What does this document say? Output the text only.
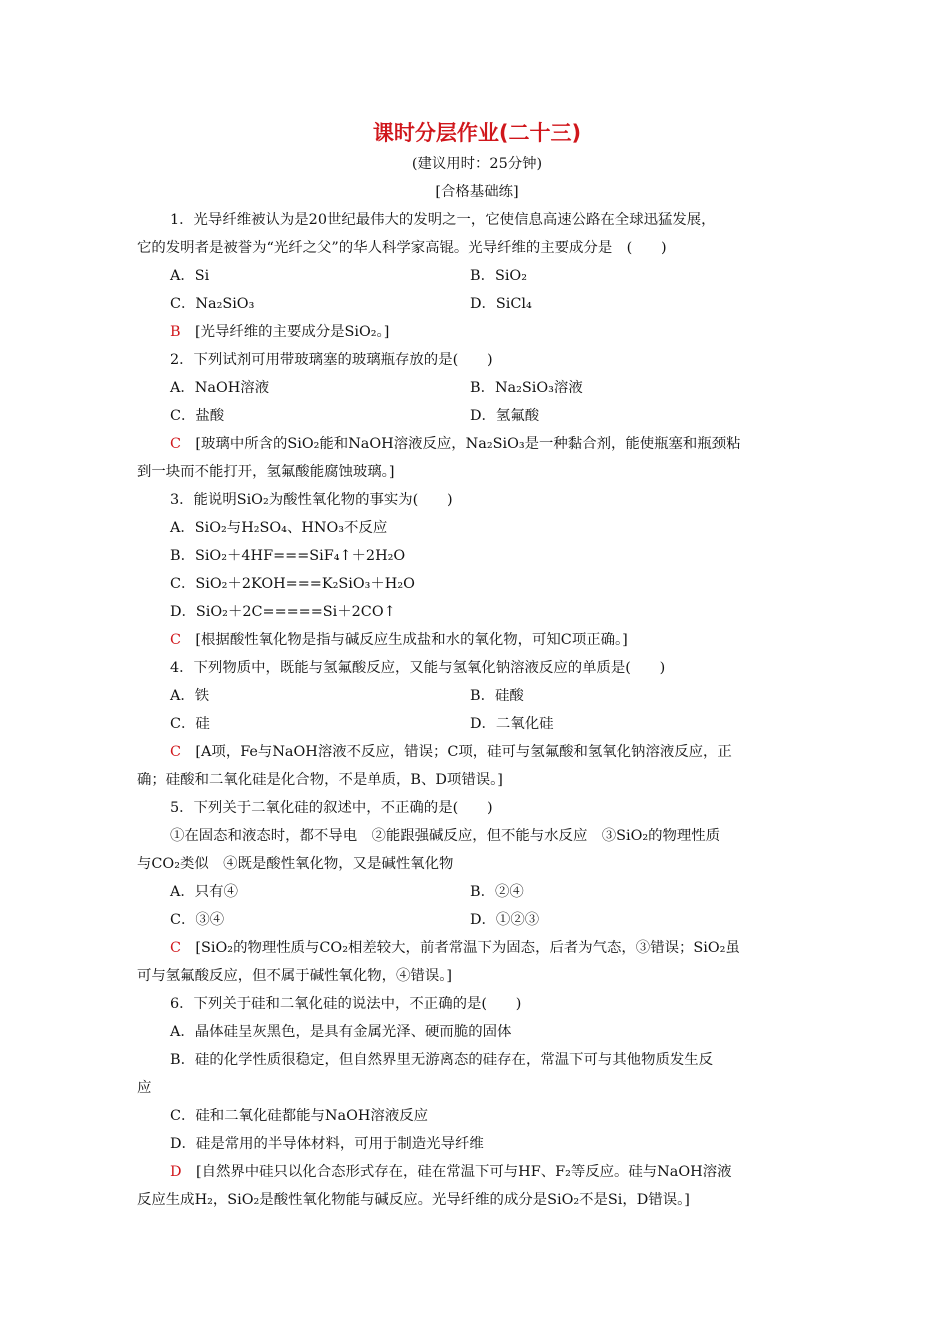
课时分层作业(二十三)
(建议用时：25分钟)
[合格基础练]
1．光导纤维被认为是20世纪最伟大的发明之一，它使信息高速公路在全球迅猛发展，
它的发明者是被誉为“光纤之父”的华人科学家高锟。光导纤维的主要成分是　(　　)
A．Si	B．SiO₂
C．Na₂SiO₃	D．SiCl₄
B　 [光导纤维的主要成分是SiO₂。]
2．下列试剂可用带玻璃塞的玻璃瓶存放的是(　　)
A．NaOH溶液	B．Na₂SiO₃溶液
C．盐酸	D．氢氟酸
C　 [玻璃中所含的SiO₂能和NaOH溶液反应，Na₂SiO₃是一种黏合剂，能使瓶塞和瓶颈粘
到一块而不能打开，氢氟酸能腐蚀玻璃。]
3．能说明SiO₂为酸性氧化物的事实为(　　)
A．SiO₂与H₂SO₄、HNO₃不反应
B．SiO₂＋4HF===SiF₄↑＋2H₂O
C．SiO₂＋2KOH===K₂SiO₃＋H₂O
D．SiO₂＋2C=====Si＋2CO↑
C　 [根据酸性氧化物是指与碱反应生成盐和水的氧化物，可知C项正确。]
4．下列物质中，既能与氢氟酸反应，又能与氢氧化钠溶液反应的单质是(　　)
A．铁	B．硅酸
C．硅	D．二氧化硅
C　 [A项，Fe与NaOH溶液不反应，错误；C项，硅可与氢氟酸和氢氧化钠溶液反应，正
确；硅酸和二氧化硅是化合物，不是单质，B、D项错误。]
5．下列关于二氧化硅的叙述中，不正确的是(　　)
①在固态和液态时，都不导电　②能跟强碱反应，但不能与水反应　③SiO₂的物理性质
与CO₂类似　④既是酸性氧化物，又是碱性氧化物
A．只有④	B．②④
C．③④	D．①②③
C　 [SiO₂的物理性质与CO₂相差较大，前者常温下为固态，后者为气态，③错误；SiO₂虽
可与氢氟酸反应，但不属于碱性氧化物，④错误。]
6．下列关于硅和二氧化硅的说法中，不正确的是(　　)
A．晶体硅呈灰黑色，是具有金属光泽、硬而脆的固体
B．硅的化学性质很稳定，但自然界里无游离态的硅存在，常温下可与其他物质发生反
应
C．硅和二氧化硅都能与NaOH溶液反应
D．硅是常用的半导体材料，可用于制造光导纤维
D　 [自然界中硅只以化合态形式存在，硅在常温下可与HF、F₂等反应。硅与NaOH溶液
反应生成H₂，SiO₂是酸性氧化物能与碱反应。光导纤维的成分是SiO₂不是Si，D错误。]
